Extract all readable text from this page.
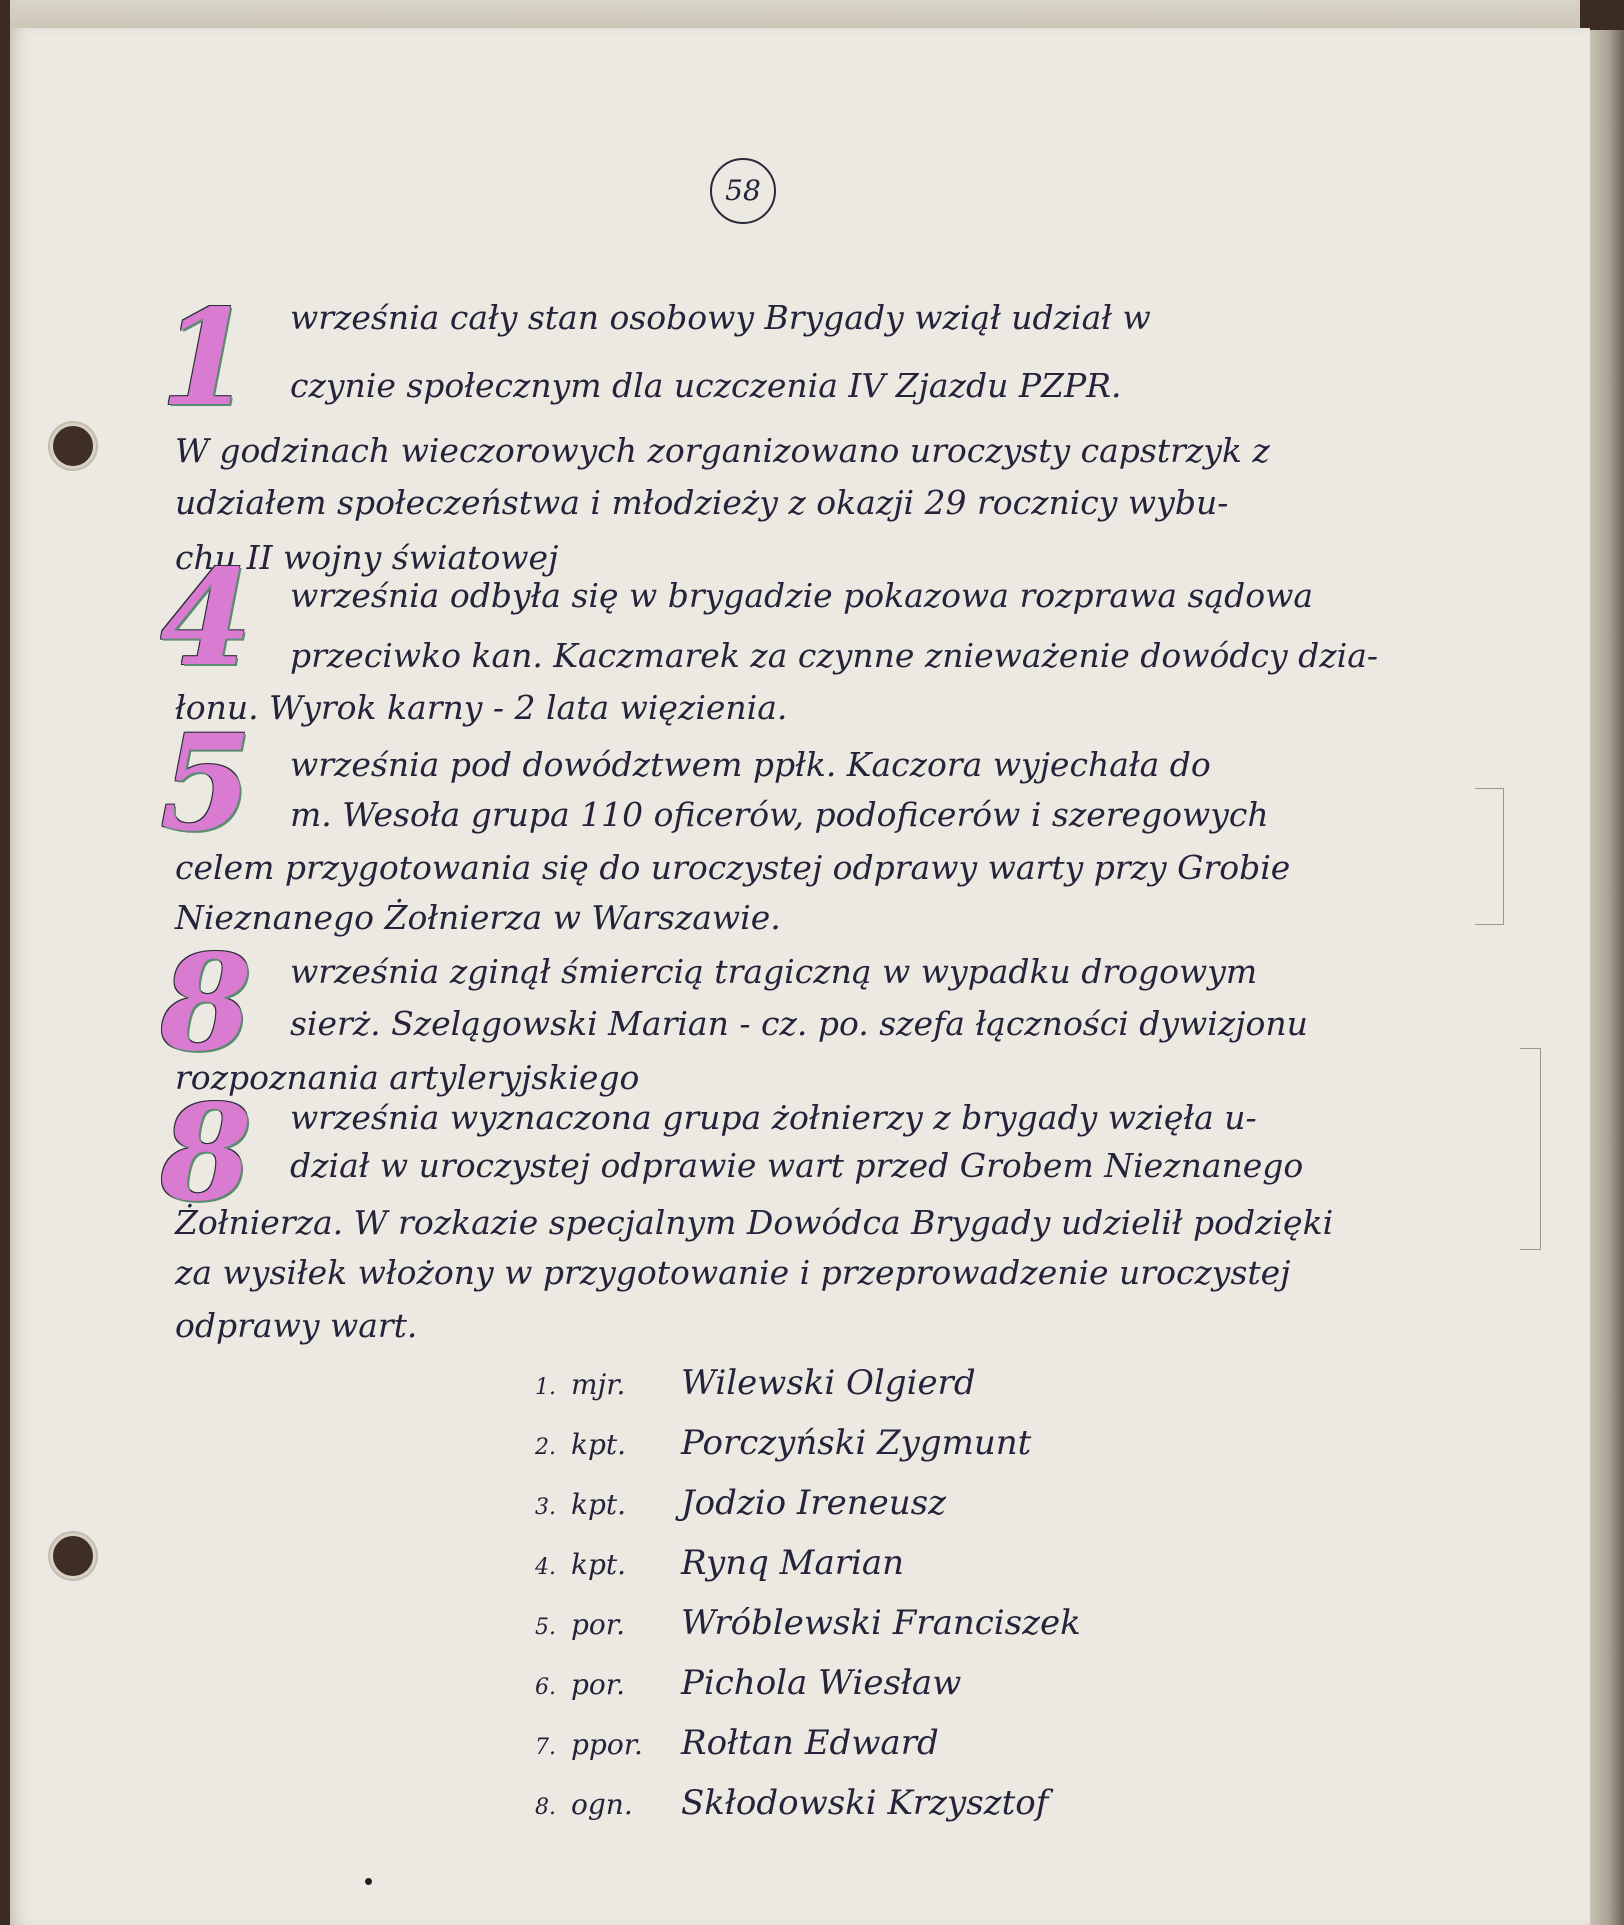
58
1 września cały stan osobowy Brygady wziął udział w

czynie społecznym dla uczczenia IV Zjazdu PZPR.

W godzinach wieczorowych zorganizowano uroczysty capstrzyk z

udziałem społeczeństwa i młodzieży z okazji 29 rocznicy wybu-

chu II wojny światowej

4 września odbyła się w brygadzie pokazowa rozprawa sądowa

przeciwko kan. Kaczmarek za czynne znieważenie dowódcy dzia-

łonu. Wyrok karny - 2 lata więzienia.

5 września pod dowództwem ppłk. Kaczora wyjechała do

m. Wesoła grupa 110 oficerów, podoficerów i szeregowych

celem przygotowania się do uroczystej odprawy warty przy Grobie

Nieznanego Żołnierza w Warszawie.

8 września zginął śmiercią tragiczną w wypadku drogowym

sierż. Szelągowski Marian - cz. po. szefa łączności dywizjonu

rozpoznania artyleryjskiego

8 września wyznaczona grupa żołnierzy z brygady wzięła u-

dział w uroczystej odprawie wart przed Grobem Nieznanego

Żołnierza. W rozkazie specjalnym Dowódca Brygady udzielił podzięki

za wysiłek włożony w przygotowanie i przeprowadzenie uroczystej

odprawy wart.

1. mjr. Wilewski Olgierd
2. kpt. Porczyński Zygmunt
3. kpt. Jodzio Ireneusz
4. kpt. Rynq Marian
5. por. Wróblewski Franciszek
6. por. Pichola Wiesław
7. ppor. Rołtan Edward
8. ogn. Skłodowski Krzysztof
